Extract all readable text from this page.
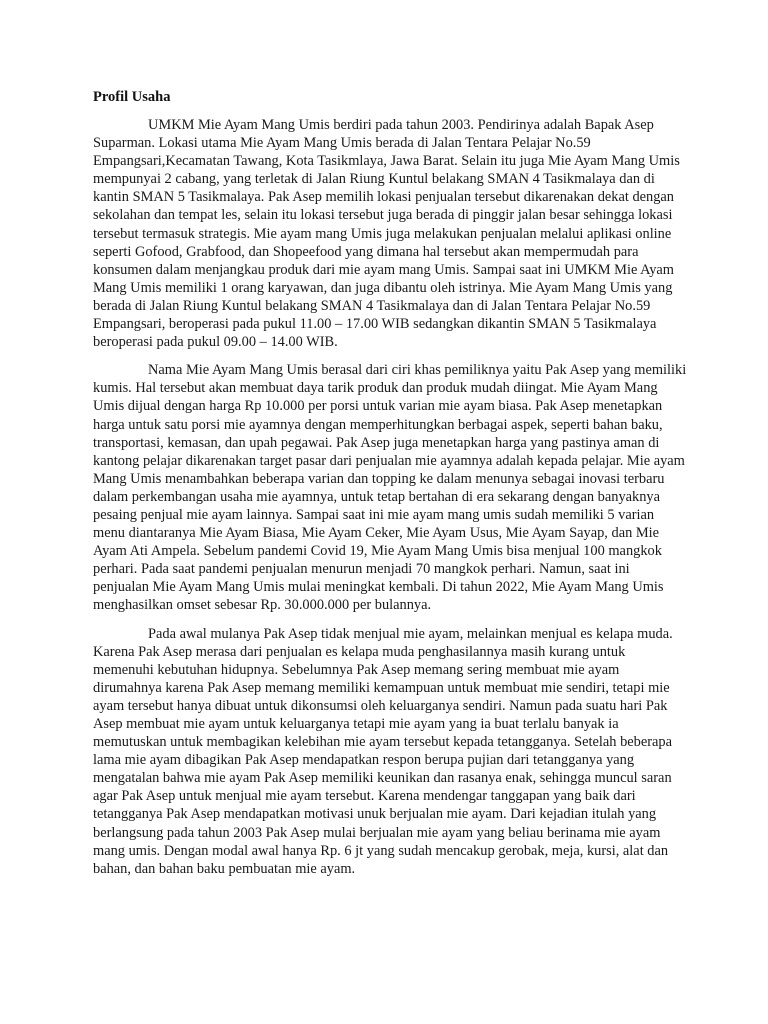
Profil Usaha

UMKM Mie Ayam Mang Umis berdiri pada tahun 2003. Pendirinya adalah Bapak Asep Suparman. Lokasi utama Mie Ayam Mang Umis berada di Jalan Tentara Pelajar No.59 Empangsari,Kecamatan Tawang, Kota Tasikmlaya, Jawa Barat. Selain itu juga Mie Ayam Mang Umis mempunyai 2 cabang, yang terletak di Jalan Riung Kuntul belakang SMAN 4 Tasikmalaya dan di kantin SMAN 5 Tasikmalaya. Pak Asep memilih lokasi penjualan tersebut dikarenakan dekat dengan sekolahan dan tempat les, selain itu lokasi tersebut juga berada di pinggir jalan besar sehingga lokasi tersebut termasuk strategis. Mie ayam mang Umis juga melakukan penjualan melalui aplikasi online seperti Gofood, Grabfood, dan Shopeefood yang dimana hal tersebut akan mempermudah para konsumen dalam menjangkau produk dari mie ayam mang Umis. Sampai saat ini UMKM Mie Ayam Mang Umis memiliki 1 orang karyawan, dan juga dibantu oleh istrinya. Mie Ayam Mang Umis yang berada di Jalan Riung Kuntul belakang SMAN 4 Tasikmalaya dan di Jalan Tentara Pelajar No.59 Empangsari, beroperasi pada pukul 11.00 – 17.00 WIB sedangkan dikantin SMAN 5 Tasikmalaya beroperasi pada pukul 09.00 – 14.00 WIB.

Nama Mie Ayam Mang Umis berasal dari ciri khas pemiliknya yaitu Pak Asep yang memiliki kumis. Hal tersebut akan membuat daya tarik produk dan produk mudah diingat. Mie Ayam Mang Umis dijual dengan harga Rp 10.000 per porsi untuk varian mie ayam biasa. Pak Asep menetapkan harga untuk satu porsi mie ayamnya dengan memperhitungkan berbagai aspek, seperti bahan baku, transportasi, kemasan, dan upah pegawai. Pak Asep juga menetapkan harga yang pastinya aman di kantong pelajar dikarenakan target pasar dari penjualan mie ayamnya adalah kepada pelajar. Mie ayam Mang Umis menambahkan beberapa varian dan topping ke dalam menunya sebagai inovasi terbaru dalam perkembangan usaha mie ayamnya, untuk tetap bertahan di era sekarang dengan banyaknya pesaing penjual mie ayam lainnya. Sampai saat ini mie ayam mang umis sudah memiliki 5 varian menu diantaranya Mie Ayam Biasa, Mie Ayam Ceker, Mie Ayam Usus, Mie Ayam Sayap, dan Mie Ayam Ati Ampela. Sebelum pandemi Covid 19, Mie Ayam Mang Umis bisa menjual 100 mangkok perhari. Pada saat pandemi penjualan menurun menjadi 70 mangkok perhari. Namun, saat ini penjualan Mie Ayam Mang Umis mulai meningkat kembali. Di tahun 2022, Mie Ayam Mang Umis menghasilkan omset sebesar Rp. 30.000.000 per bulannya.

Pada awal mulanya Pak Asep tidak menjual mie ayam, melainkan menjual es kelapa muda. Karena Pak Asep merasa dari penjualan es kelapa muda penghasilannya masih kurang untuk memenuhi kebutuhan hidupnya. Sebelumnya Pak Asep memang sering membuat mie ayam dirumahnya karena Pak Asep memang memiliki kemampuan untuk membuat mie sendiri, tetapi mie ayam tersebut hanya dibuat untuk dikonsumsi oleh keluarganya sendiri. Namun pada suatu hari Pak Asep membuat mie ayam untuk keluarganya tetapi mie ayam yang ia buat terlalu banyak ia memutuskan untuk membagikan kelebihan mie ayam tersebut kepada tetangganya. Setelah beberapa lama mie ayam dibagikan Pak Asep mendapatkan respon berupa pujian dari tetangganya yang mengatalan bahwa mie ayam Pak Asep memiliki keunikan dan rasanya enak, sehingga muncul saran agar Pak Asep untuk menjual mie ayam tersebut. Karena mendengar tanggapan yang baik dari tetangganya Pak Asep mendapatkan motivasi unuk berjualan mie ayam. Dari kejadian itulah yang berlangsung pada tahun 2003 Pak Asep mulai berjualan mie ayam yang beliau berinama mie ayam mang umis. Dengan modal awal hanya Rp. 6 jt yang sudah mencakup gerobak, meja, kursi, alat dan bahan, dan bahan baku pembuatan mie ayam.
